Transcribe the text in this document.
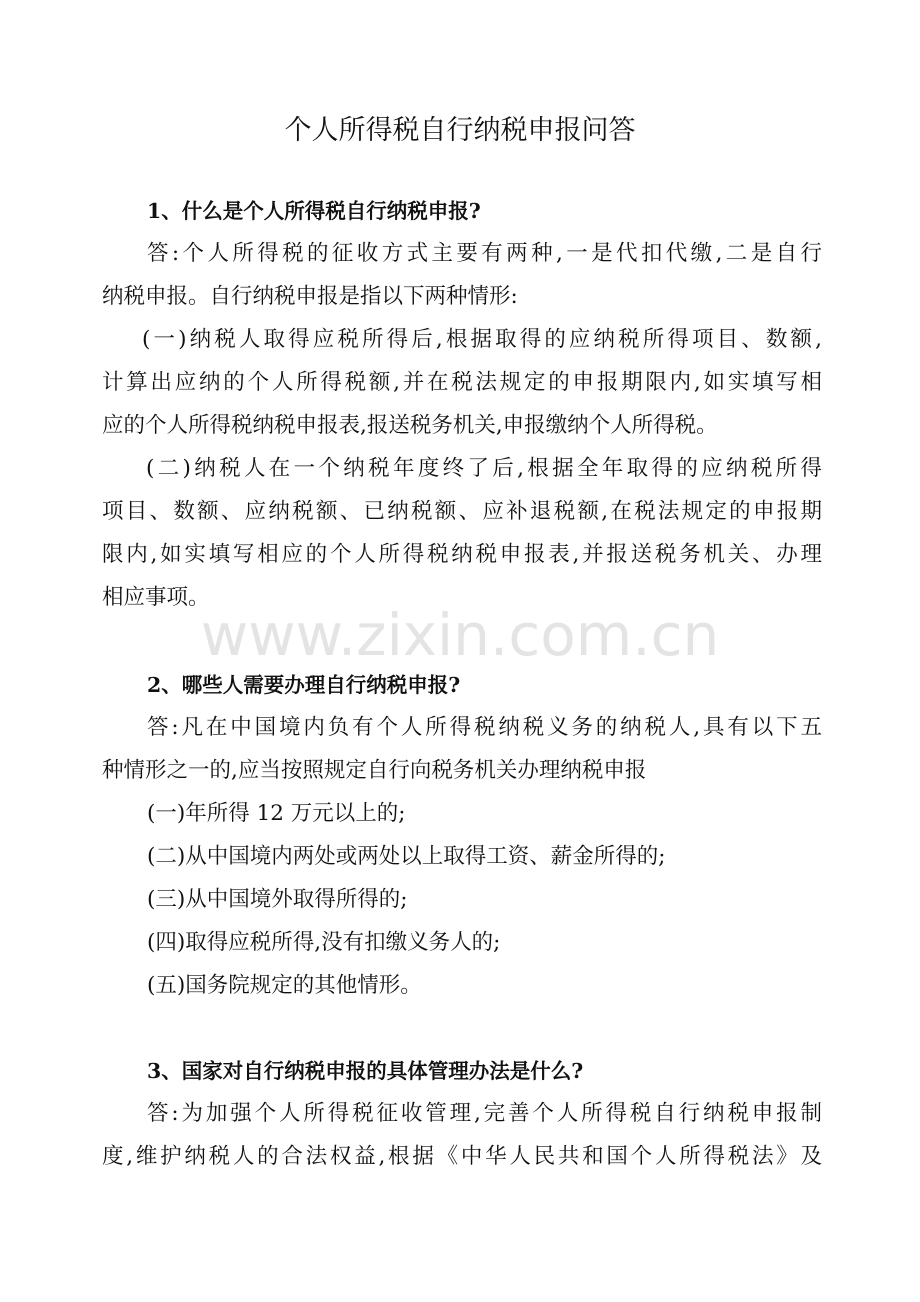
个人所得税自行纳税申报问答
1、什么是个人所得税自行纳税申报?
答:个人所得税的征收方式主要有两种,一是代扣代缴,二是自行
纳税申报。自行纳税申报是指以下两种情形:
(一)纳税人取得应税所得后,根据取得的应纳税所得项目、数额,
计算出应纳的个人所得税额,并在税法规定的申报期限内,如实填写相
应的个人所得税纳税申报表,报送税务机关,申报缴纳个人所得税。
(二)纳税人在一个纳税年度终了后,根据全年取得的应纳税所得
项目、数额、应纳税额、已纳税额、应补退税额,在税法规定的申报期
限内,如实填写相应的个人所得税纳税申报表,并报送税务机关、办理
相应事项。
www.zixin.com.cn
2、哪些人需要办理自行纳税申报?
答:凡在中国境内负有个人所得税纳税义务的纳税人,具有以下五
种情形之一的,应当按照规定自行向税务机关办理纳税申报
(一)年所得 12 万元以上的;
(二)从中国境内两处或两处以上取得工资、薪金所得的;
(三)从中国境外取得所得的;
(四)取得应税所得,没有扣缴义务人的;
(五)国务院规定的其他情形。
3、国家对自行纳税申报的具体管理办法是什么?
答:为加强个人所得税征收管理,完善个人所得税自行纳税申报制
度,维护纳税人的合法权益,根据《中华人民共和国个人所得税法》及
